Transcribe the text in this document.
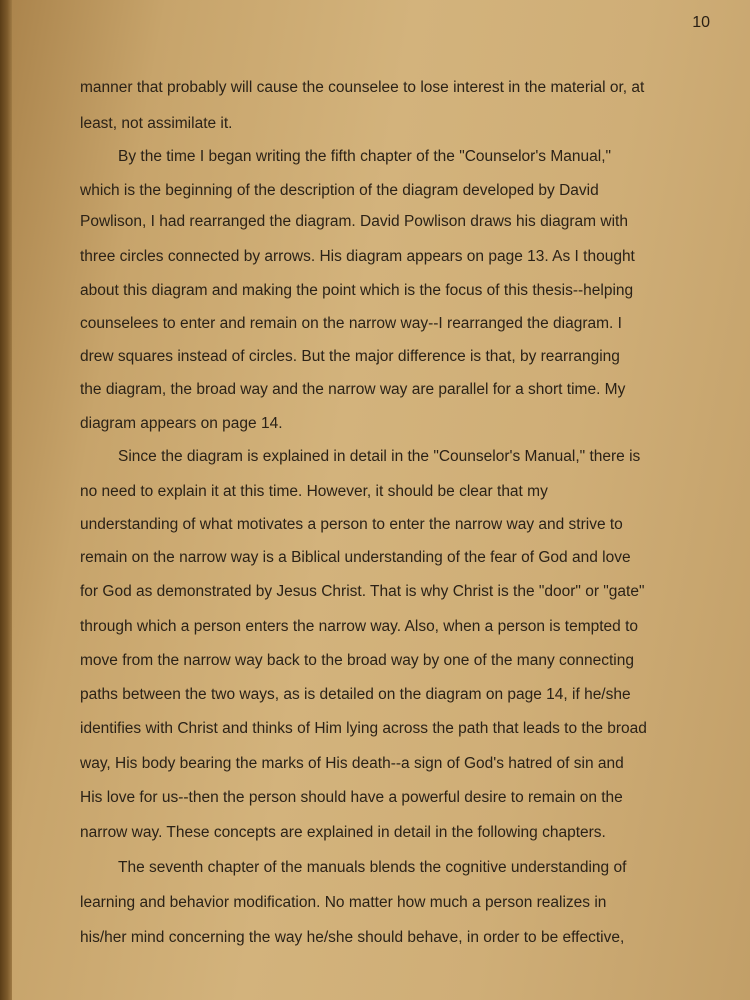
10
manner that probably will cause the counselee to lose interest in the material or, at
least, not assimilate it.
By the time I began writing the fifth chapter of the "Counselor's Manual,"
which is the beginning of the description of the diagram developed by David
Powlison, I had rearranged the diagram. David Powlison draws his diagram with
three circles connected by arrows. His diagram appears on page 13. As I thought
about this diagram and making the point which is the focus of this thesis--helping
counselees to enter and remain on the narrow way--I rearranged the diagram. I
drew squares instead of circles. But the major difference is that, by rearranging
the diagram, the broad way and the narrow way are parallel for a short time. My
diagram appears on page 14.
Since the diagram is explained in detail in the "Counselor's Manual," there is
no need to explain it at this time. However, it should be clear that my
understanding of what motivates a person to enter the narrow way and strive to
remain on the narrow way is a Biblical understanding of the fear of God and love
for God as demonstrated by Jesus Christ. That is why Christ is the "door" or "gate"
through which a person enters the narrow way. Also, when a person is tempted to
move from the narrow way back to the broad way by one of the many connecting
paths between the two ways, as is detailed on the diagram on page 14, if he/she
identifies with Christ and thinks of Him lying across the path that leads to the broad
way, His body bearing the marks of His death--a sign of God's hatred of sin and
His love for us--then the person should have a powerful desire to remain on the
narrow way. These concepts are explained in detail in the following chapters.
The seventh chapter of the manuals blends the cognitive understanding of
learning and behavior modification. No matter how much a person realizes in
his/her mind concerning the way he/she should behave, in order to be effective,
